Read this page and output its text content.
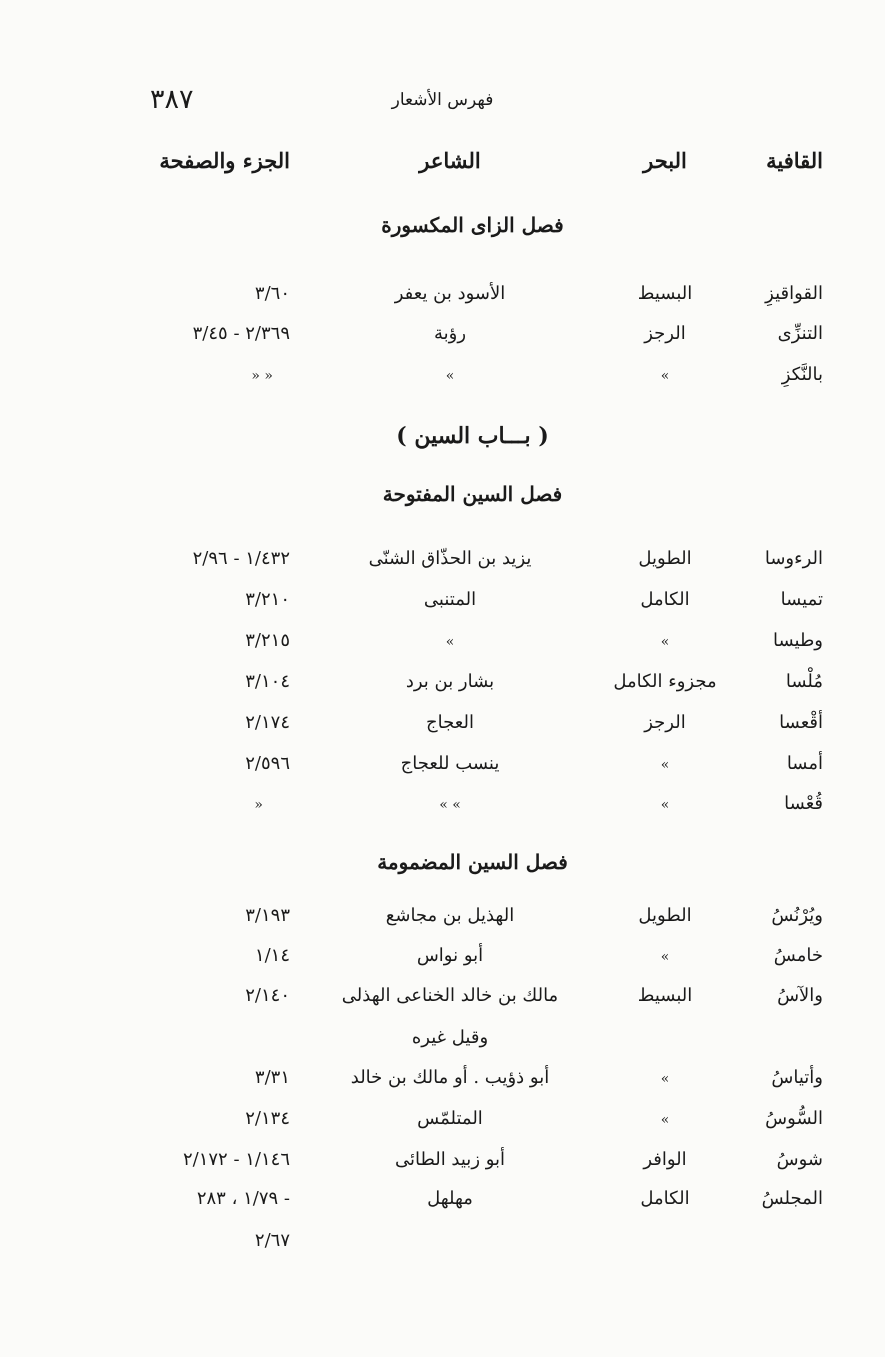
٣٨٧	فهرس الأشعار
القافية
البحر
الشاعر
الجزء والصفحة
فصل الزاى المكسورة
القواقيزِ
البسيط
الأسود بن يعفر
٣/٦٠
التنزِّى
الرجز
رؤبة
٢/٣٦٩ - ٣/٤٥
بالنَّكزِ
»
»
» »
( بـــاب السين )
فصل السين المفتوحة
الرءوسا
الطويل
يزيد بن الحذّاق الشنّى
١/٤٣٢ - ٢/٩٦
تميسا
الكامل
المتنبى
٣/٢١٠
وطيسا
»
»
٣/٢١٥
مُلْسا
مجزوء الكامل
بشار بن برد
٣/١٠٤
أقْعسا
الرجز
العجاج
٢/١٧٤
أمسا
»
ينسب للعجاج
٢/٥٩٦
قُعْسا
»
» »
»
فصل السين المضمومة
ويُرْنُسُ
الطويل
الهذيل بن مجاشع
٣/١٩٣
خامسُ
»
أبو نواس
١/١٤
والآسُ
البسيط
مالك بن خالد الخناعى الهذلى
٢/١٤٠
وقيل غيره
وأتياسُ
»
أبو ذؤيب . أو مالك بن خالد
٣/٣١
السُّوسُ
»
المتلمّس
٢/١٣٤
شوسُ
الوافر
أبو زبيد الطائى
١/١٤٦ - ٢/١٧٢
المجلسُ
الكامل
مهلهل
١/٧٩ ، ٢٨٣ -
٢/٦٧
